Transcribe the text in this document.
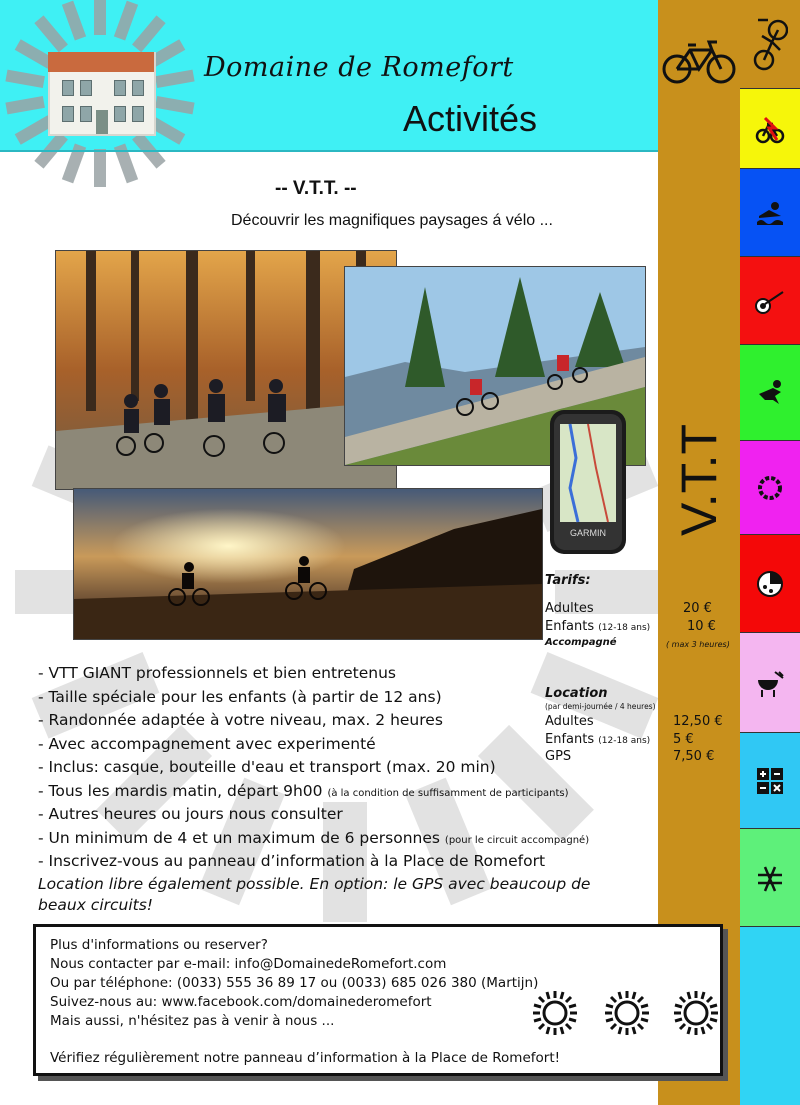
Domaine de Romefort
Activités
V.T.T
-- V.T.T. --
Découvrir les magnifiques paysages á vélo ...
GARMIN
Tarifs:
Adultes	20 €
Enfants (12-18 ans)	10 €
Accompagné	( max 3 heures)
Location
(par demi-journée / 4 heures)
Adultes	12,50 €
Enfants (12-18 ans) 5 €
GPS	7,50 €
- VTT GIANT professionnels et bien entretenus
- Taille spéciale pour les enfants (à partir de 12 ans)
- Randonnée adaptée à votre niveau, max. 2 heures
- Avec accompagnement avec experimenté
- Inclus: casque, bouteille d'eau et transport (max. 20 min)
- Tous les mardis matin, départ 9h00 (à la condition de suffisamment de participants)
- Autres heures ou jours nous consulter
- Un minimum de 4 et un maximum de 6 personnes (pour le circuit accompagné)
- Inscrivez-vous au panneau d’information à la Place de Romefort
Location libre également possible. En option: le GPS avec beaucoup de beaux circuits!
Plus d'informations ou reserver?
Nous contacter par e-mail: info@DomainedeRomefort.com
Ou par téléphone: (0033) 555 36 89 17 ou (0033) 685 026 380 (Martijn)
Suivez-nous au: www.facebook.com/domainederomefort
Mais aussi, n'hésitez pas à venir à nous ...
Vérifiez régulièrement notre panneau d’information à la Place de Romefort!
